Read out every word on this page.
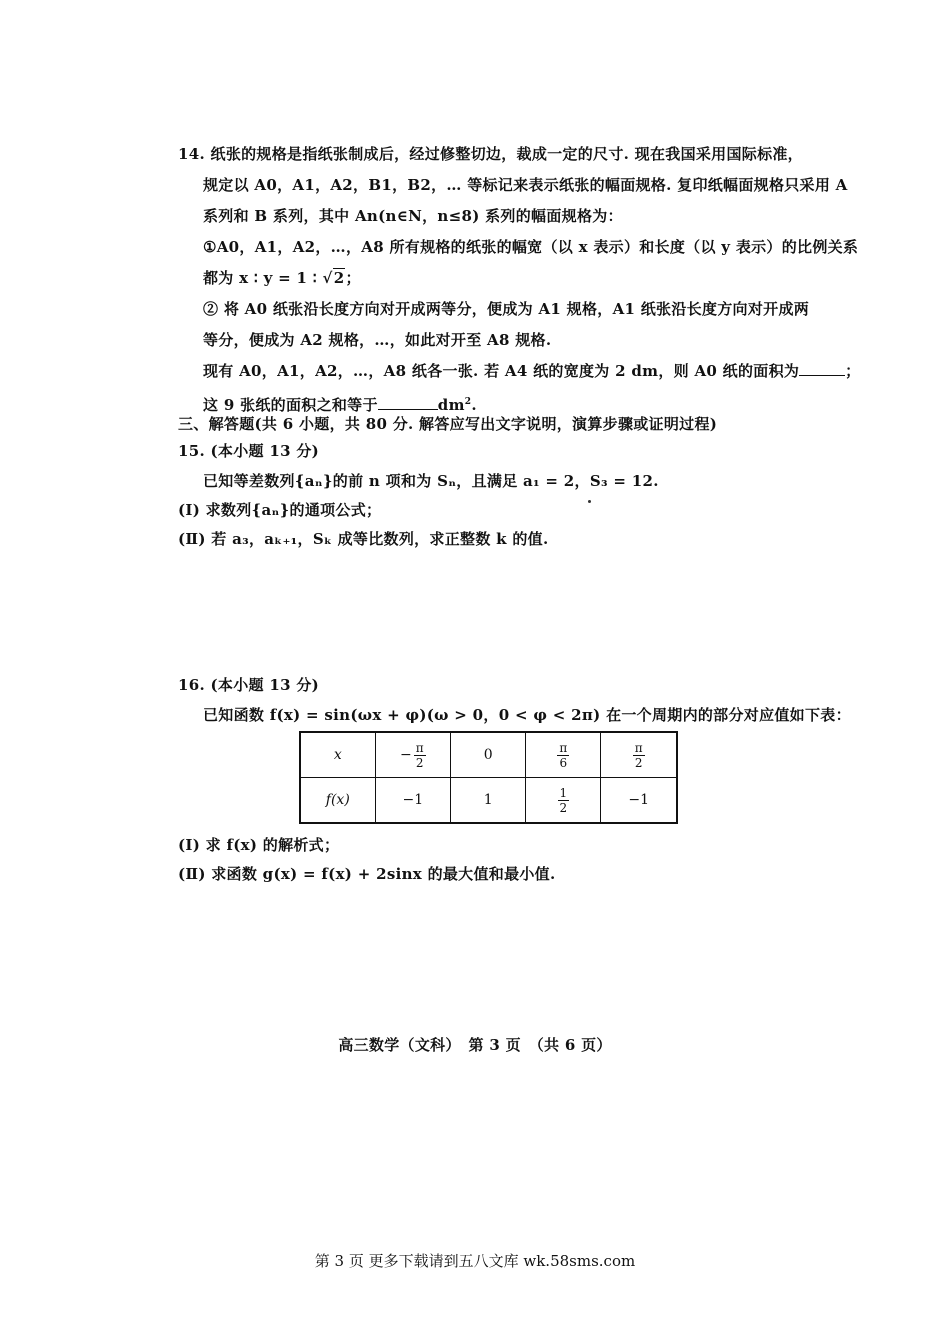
14. 纸张的规格是指纸张制成后，经过修整切边，裁成一定的尺寸. 现在我国采用国际标准，
规定以 A0，A1，A2，B1，B2，… 等标记来表示纸张的幅面规格. 复印纸幅面规格只采用 A
系列和 B 系列，其中 An(n∈N，n≤8) 系列的幅面规格为：
①A0，A1，A2，…，A8 所有规格的纸张的幅宽（以 x 表示）和长度（以 y 表示）的比例关系
都为 x ∶ y = 1 ∶ √2；
② 将 A0 纸张沿长度方向对开成两等分，便成为 A1 规格，A1 纸张沿长度方向对开成两
等分，便成为 A2 规格，…，如此对开至 A8 规格.
现有 A0，A1，A2，…，A8 纸各一张. 若 A4 纸的宽度为 2 dm，则 A0 纸的面积为	；
这 9 张纸的面积之和等于	$dm^2$.
三、解答题(共 6 小题，共 80 分. 解答应写出文字说明，演算步骤或证明过程)
15. (本小题 13 分)
已知等差数列{aₙ}的前 n 项和为 Sₙ，且满足 a₁ = 2，S₃ = 12.
(Ⅰ) 求数列{aₙ}的通项公式；
(Ⅱ) 若 a₃，aₖ₊₁，Sₖ 成等比数列，求正整数 k 的值.
16. (本小题 13 分)
已知函数 f(x) = sin(ωx + φ)(ω > 0，0 < φ < 2π) 在一个周期内的部分对应值如下表：
x	− $\frac{\pi}{2}$	0	$\frac{\pi}{6}$	$\frac{\pi}{2}$

f(x)	−1	1	$\frac{1}{2}$	−1
(Ⅰ) 求 f(x) 的解析式；
(Ⅱ) 求函数 g(x) = f(x) + 2sinx 的最大值和最小值.
高三数学（文科）　第 3 页　（共 6 页）
第 3 页 更多下载请到五八文库 wk.58sms.com
